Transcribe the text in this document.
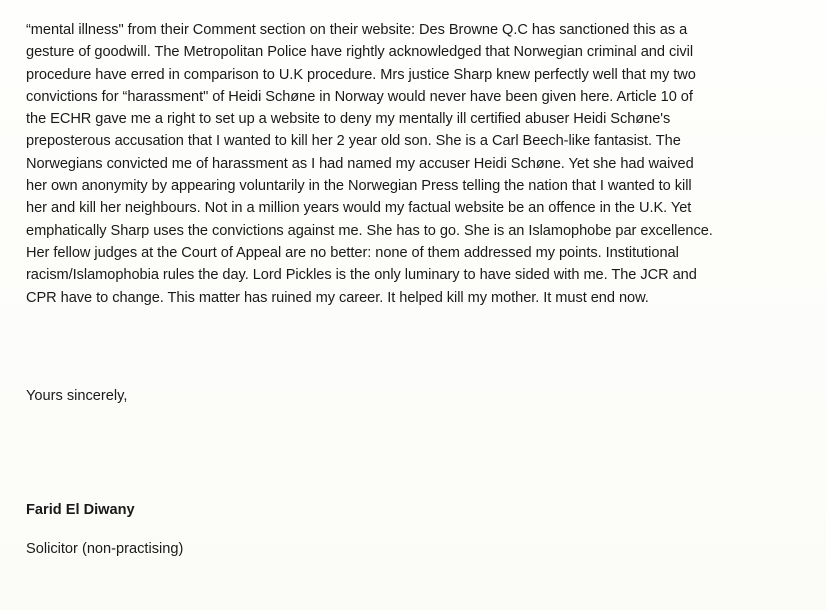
“mental illness" from their Comment section on their website: Des Browne Q.C has sanctioned this as a
gesture of goodwill. The Metropolitan Police have rightly acknowledged that Norwegian criminal and civil
procedure have erred in comparison to U.K procedure. Mrs justice Sharp knew perfectly well that my two
convictions for “harassment" of Heidi Schøne in Norway would never have been given here. Article 10 of
the ECHR gave me a right to set up a website to deny my mentally ill certified abuser Heidi Schøne's
preposterous accusation that I wanted to kill her 2 year old son. She is a Carl Beech-like fantasist. The
Norwegians convicted me of harassment as I had named my accuser Heidi Schøne. Yet she had waived
her own anonymity by appearing voluntarily in the Norwegian Press telling the nation that I wanted to kill
her and kill her neighbours. Not in a million years would my factual website be an offence in the U.K. Yet
emphatically Sharp uses the convictions against me. She has to go. She is an Islamophobe par excellence.
Her fellow judges at the Court of Appeal are no better: none of them addressed my points. Institutional
racism/Islamophobia rules the day. Lord Pickles is the only luminary to have sided with me. The JCR and
CPR have to change. This matter has ruined my career. It helped kill my mother. It must end now.
Yours sincerely,
Farid El Diwany
Solicitor (non-practising)
